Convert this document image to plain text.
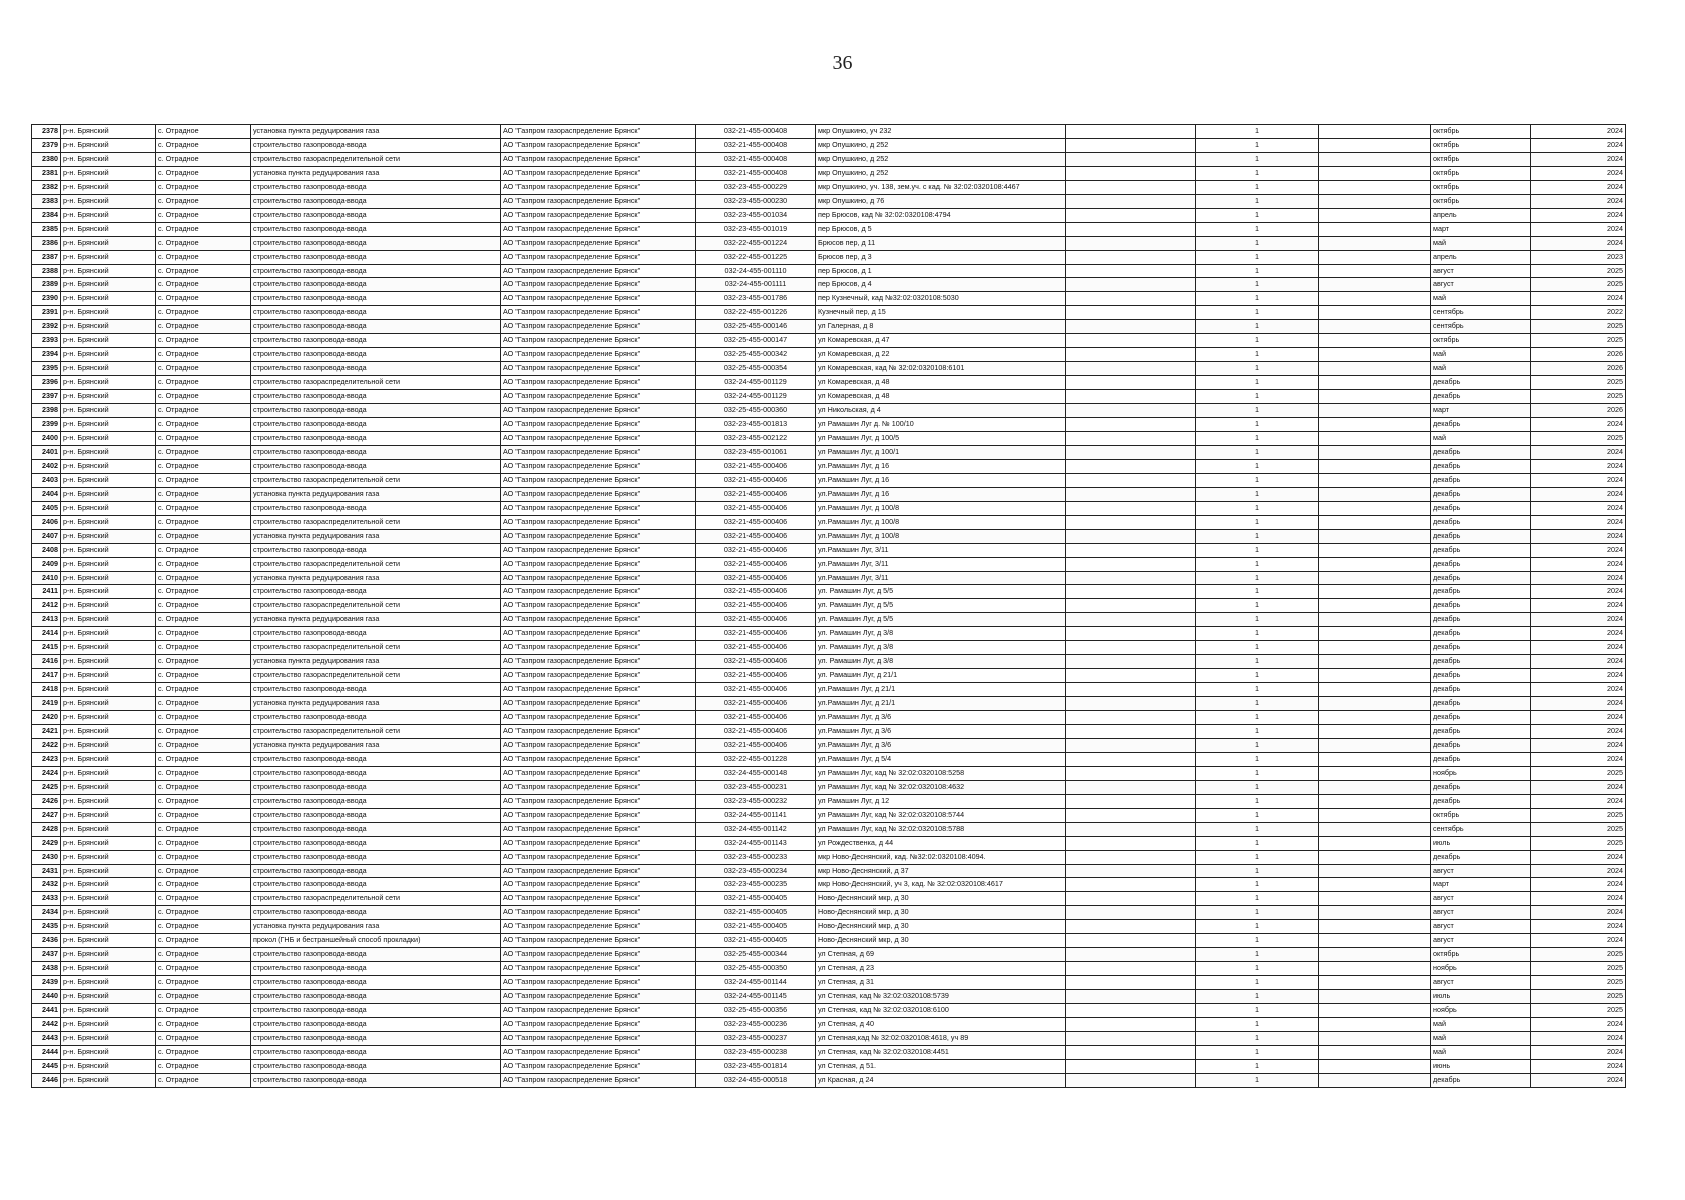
36
2378	р-н. Брянский	с. Отрадное	установка пункта редуцирования газа	АО "Газпром газораспределение Брянск"	032-21-455-000408	мкр Опушкино, уч 232		1		октябрь	2024
2379	р-н. Брянский	с. Отрадное	строительство газопровода-ввода	АО "Газпром газораспределение Брянск"	032-21-455-000408	мкр Опушкино, д 252		1		октябрь	2024
2380	р-н. Брянский	с. Отрадное	строительство газораспределительной сети	АО "Газпром газораспределение Брянск"	032-21-455-000408	мкр Опушкино, д 252		1		октябрь	2024
2381	р-н. Брянский	с. Отрадное	установка пункта редуцирования газа	АО "Газпром газораспределение Брянск"	032-21-455-000408	мкр Опушкино, д 252		1		октябрь	2024
2382	р-н. Брянский	с. Отрадное	строительство газопровода-ввода	АО "Газпром газораспределение Брянск"	032-23-455-000229	мкр Опушкино, уч. 138, зем.уч. с кад. № 32:02:0320108:4467		1		октябрь	2024
2383	р-н. Брянский	с. Отрадное	строительство газопровода-ввода	АО "Газпром газораспределение Брянск"	032-23-455-000230	мкр Опушкино, д 76		1		октябрь	2024
2384	р-н. Брянский	с. Отрадное	строительство газопровода-ввода	АО "Газпром газораспределение Брянск"	032-23-455-001034	пер Брюсов, кад № 32:02:0320108:4794		1		апрель	2024
2385	р-н. Брянский	с. Отрадное	строительство газопровода-ввода	АО "Газпром газораспределение Брянск"	032-23-455-001019	пер Брюсов, д 5		1		март	2024
2386	р-н. Брянский	с. Отрадное	строительство газопровода-ввода	АО "Газпром газораспределение Брянск"	032-22-455-001224	Брюсов пер, д 11		1		май	2024
2387	р-н. Брянский	с. Отрадное	строительство газопровода-ввода	АО "Газпром газораспределение Брянск"	032-22-455-001225	Брюсов пер, д 3		1		апрель	2023
2388	р-н. Брянский	с. Отрадное	строительство газопровода-ввода	АО "Газпром газораспределение Брянск"	032-24-455-001110	пер Брюсов, д 1		1		август	2025
2389	р-н. Брянский	с. Отрадное	строительство газопровода-ввода	АО "Газпром газораспределение Брянск"	032-24-455-001111	пер Брюсов, д 4		1		август	2025
2390	р-н. Брянский	с. Отрадное	строительство газопровода-ввода	АО "Газпром газораспределение Брянск"	032-23-455-001786	пер Кузнечный, кад №32:02:0320108:5030		1		май	2024
2391	р-н. Брянский	с. Отрадное	строительство газопровода-ввода	АО "Газпром газораспределение Брянск"	032-22-455-001226	Кузнечный пер, д 15		1		сентябрь	2022
2392	р-н. Брянский	с. Отрадное	строительство газопровода-ввода	АО "Газпром газораспределение Брянск"	032-25-455-000146	ул Галерная, д 8		1		сентябрь	2025
2393	р-н. Брянский	с. Отрадное	строительство газопровода-ввода	АО "Газпром газораспределение Брянск"	032-25-455-000147	ул Комаревская, д 47		1		октябрь	2025
2394	р-н. Брянский	с. Отрадное	строительство газопровода-ввода	АО "Газпром газораспределение Брянск"	032-25-455-000342	ул Комаревская, д 22		1		май	2026
2395	р-н. Брянский	с. Отрадное	строительство газопровода-ввода	АО "Газпром газораспределение Брянск"	032-25-455-000354	ул Комаревская, кад № 32:02:0320108:6101		1		май	2026
2396	р-н. Брянский	с. Отрадное	строительство газораспределительной сети	АО "Газпром газораспределение Брянск"	032-24-455-001129	ул Комаревская, д 48		1		декабрь	2025
2397	р-н. Брянский	с. Отрадное	строительство газопровода-ввода	АО "Газпром газораспределение Брянск"	032-24-455-001129	ул Комаревская, д 48		1		декабрь	2025
2398	р-н. Брянский	с. Отрадное	строительство газопровода-ввода	АО "Газпром газораспределение Брянск"	032-25-455-000360	ул Никольская, д 4		1		март	2026
2399	р-н. Брянский	с. Отрадное	строительство газопровода-ввода	АО "Газпром газораспределение Брянск"	032-23-455-001813	ул Рамашин Луг д. № 100/10		1		декабрь	2024
2400	р-н. Брянский	с. Отрадное	строительство газопровода-ввода	АО "Газпром газораспределение Брянск"	032-23-455-002122	ул Рамашин Луг, д 100/5		1		май	2025
2401	р-н. Брянский	с. Отрадное	строительство газопровода-ввода	АО "Газпром газораспределение Брянск"	032-23-455-001061	ул Рамашин Луг, д 100/1		1		декабрь	2024
2402	р-н. Брянский	с. Отрадное	строительство газопровода-ввода	АО "Газпром газораспределение Брянск"	032-21-455-000406	ул.Рамашин Луг, д 16		1		декабрь	2024
2403	р-н. Брянский	с. Отрадное	строительство газораспределительной сети	АО "Газпром газораспределение Брянск"	032-21-455-000406	ул.Рамашин Луг, д 16		1		декабрь	2024
2404	р-н. Брянский	с. Отрадное	установка пункта редуцирования газа	АО "Газпром газораспределение Брянск"	032-21-455-000406	ул.Рамашин Луг, д 16		1		декабрь	2024
2405	р-н. Брянский	с. Отрадное	строительство газопровода-ввода	АО "Газпром газораспределение Брянск"	032-21-455-000406	ул.Рамашин Луг, д 100/8		1		декабрь	2024
2406	р-н. Брянский	с. Отрадное	строительство газораспределительной сети	АО "Газпром газораспределение Брянск"	032-21-455-000406	ул.Рамашин Луг, д 100/8		1		декабрь	2024
2407	р-н. Брянский	с. Отрадное	установка пункта редуцирования газа	АО "Газпром газораспределение Брянск"	032-21-455-000406	ул.Рамашин Луг, д 100/8		1		декабрь	2024
2408	р-н. Брянский	с. Отрадное	строительство газопровода-ввода	АО "Газпром газораспределение Брянск"	032-21-455-000406	ул.Рамашин Луг, 3/11		1		декабрь	2024
2409	р-н. Брянский	с. Отрадное	строительство газораспределительной сети	АО "Газпром газораспределение Брянск"	032-21-455-000406	ул.Рамашин Луг, 3/11		1		декабрь	2024
2410	р-н. Брянский	с. Отрадное	установка пункта редуцирования газа	АО "Газпром газораспределение Брянск"	032-21-455-000406	ул.Рамашин Луг, 3/11		1		декабрь	2024
2411	р-н. Брянский	с. Отрадное	строительство газопровода-ввода	АО "Газпром газораспределение Брянск"	032-21-455-000406	ул. Рамашин Луг, д 5/5		1		декабрь	2024
2412	р-н. Брянский	с. Отрадное	строительство газораспределительной сети	АО "Газпром газораспределение Брянск"	032-21-455-000406	ул. Рамашин Луг, д 5/5		1		декабрь	2024
2413	р-н. Брянский	с. Отрадное	установка пункта редуцирования газа	АО "Газпром газораспределение Брянск"	032-21-455-000406	ул. Рамашин Луг, д 5/5		1		декабрь	2024
2414	р-н. Брянский	с. Отрадное	строительство газопровода-ввода	АО "Газпром газораспределение Брянск"	032-21-455-000406	ул. Рамашин Луг, д 3/8		1		декабрь	2024
2415	р-н. Брянский	с. Отрадное	строительство газораспределительной сети	АО "Газпром газораспределение Брянск"	032-21-455-000406	ул. Рамашин Луг, д 3/8		1		декабрь	2024
2416	р-н. Брянский	с. Отрадное	установка пункта редуцирования газа	АО "Газпром газораспределение Брянск"	032-21-455-000406	ул. Рамашин Луг, д 3/8		1		декабрь	2024
2417	р-н. Брянский	с. Отрадное	строительство газораспределительной сети	АО "Газпром газораспределение Брянск"	032-21-455-000406	ул. Рамашин Луг, д 21/1		1		декабрь	2024
2418	р-н. Брянский	с. Отрадное	строительство газопровода-ввода	АО "Газпром газораспределение Брянск"	032-21-455-000406	ул.Рамашин Луг, д 21/1		1		декабрь	2024
2419	р-н. Брянский	с. Отрадное	установка пункта редуцирования газа	АО "Газпром газораспределение Брянск"	032-21-455-000406	ул.Рамашин Луг, д 21/1		1		декабрь	2024
2420	р-н. Брянский	с. Отрадное	строительство газопровода-ввода	АО "Газпром газораспределение Брянск"	032-21-455-000406	ул.Рамашин Луг, д 3/6		1		декабрь	2024
2421	р-н. Брянский	с. Отрадное	строительство газораспределительной сети	АО "Газпром газораспределение Брянск"	032-21-455-000406	ул.Рамашин Луг, д 3/6		1		декабрь	2024
2422	р-н. Брянский	с. Отрадное	установка пункта редуцирования газа	АО "Газпром газораспределение Брянск"	032-21-455-000406	ул.Рамашин Луг, д 3/6		1		декабрь	2024
2423	р-н. Брянский	с. Отрадное	строительство газопровода-ввода	АО "Газпром газораспределение Брянск"	032-22-455-001228	ул.Рамашин Луг, д 5/4		1		декабрь	2024
2424	р-н. Брянский	с. Отрадное	строительство газопровода-ввода	АО "Газпром газораспределение Брянск"	032-24-455-000148	ул Рамашин Луг, кад № 32:02:0320108:5258		1		ноябрь	2025
2425	р-н. Брянский	с. Отрадное	строительство газопровода-ввода	АО "Газпром газораспределение Брянск"	032-23-455-000231	ул Рамашин Луг, кад № 32:02:0320108:4632		1		декабрь	2024
2426	р-н. Брянский	с. Отрадное	строительство газопровода-ввода	АО "Газпром газораспределение Брянск"	032-23-455-000232	ул Рамашин Луг, д 12		1		декабрь	2024
2427	р-н. Брянский	с. Отрадное	строительство газопровода-ввода	АО "Газпром газораспределение Брянск"	032-24-455-001141	ул Рамашин Луг, кад № 32:02:0320108:5744		1		октябрь	2025
2428	р-н. Брянский	с. Отрадное	строительство газопровода-ввода	АО "Газпром газораспределение Брянск"	032-24-455-001142	ул Рамашин Луг, кад № 32:02:0320108:5788		1		сентябрь	2025
2429	р-н. Брянский	с. Отрадное	строительство газопровода-ввода	АО "Газпром газораспределение Брянск"	032-24-455-001143	ул Рождественка, д 44		1		июль	2025
2430	р-н. Брянский	с. Отрадное	строительство газопровода-ввода	АО "Газпром газораспределение Брянск"	032-23-455-000233	мкр Ново-Деснянский, кад. №32:02:0320108:4094.		1		декабрь	2024
2431	р-н. Брянский	с. Отрадное	строительство газопровода-ввода	АО "Газпром газораспределение Брянск"	032-23-455-000234	мкр Ново-Деснянский, д 37		1		август	2024
2432	р-н. Брянский	с. Отрадное	строительство газопровода-ввода	АО "Газпром газораспределение Брянск"	032-23-455-000235	мкр Ново-Деснянский, уч 3, кад. № 32:02:0320108:4617		1		март	2024
2433	р-н. Брянский	с. Отрадное	строительство газораспределительной сети	АО "Газпром газораспределение Брянск"	032-21-455-000405	Ново-Деснянский мкр, д 30		1		август	2024
2434	р-н. Брянский	с. Отрадное	строительство газопровода-ввода	АО "Газпром газораспределение Брянск"	032-21-455-000405	Ново-Деснянский мкр, д 30		1		август	2024
2435	р-н. Брянский	с. Отрадное	установка пункта редуцирования газа	АО "Газпром газораспределение Брянск"	032-21-455-000405	Ново-Деснянский мкр, д 30		1		август	2024
2436	р-н. Брянский	с. Отрадное	прокол (ГНБ и бестраншейный способ прокладки)	АО "Газпром газораспределение Брянск"	032-21-455-000405	Ново-Деснянский мкр, д 30		1		август	2024
2437	р-н. Брянский	с. Отрадное	строительство газопровода-ввода	АО "Газпром газораспределение Брянск"	032-25-455-000344	ул Степная, д 69		1		октябрь	2025
2438	р-н. Брянский	с. Отрадное	строительство газопровода-ввода	АО "Газпром газораспределение Брянск"	032-25-455-000350	ул Степная, д 23		1		ноябрь	2025
2439	р-н. Брянский	с. Отрадное	строительство газопровода-ввода	АО "Газпром газораспределение Брянск"	032-24-455-001144	ул Степная, д 31		1		август	2025
2440	р-н. Брянский	с. Отрадное	строительство газопровода-ввода	АО "Газпром газораспределение Брянск"	032-24-455-001145	ул Степная, кад № 32:02:0320108:5739		1		июль	2025
2441	р-н. Брянский	с. Отрадное	строительство газопровода-ввода	АО "Газпром газораспределение Брянск"	032-25-455-000356	ул Степная, кад № 32:02:0320108:6100		1		ноябрь	2025
2442	р-н. Брянский	с. Отрадное	строительство газопровода-ввода	АО "Газпром газораспределение Брянск"	032-23-455-000236	ул Степная, д 40		1		май	2024
2443	р-н. Брянский	с. Отрадное	строительство газопровода-ввода	АО "Газпром газораспределение Брянск"	032-23-455-000237	ул Степная,кад № 32:02:0320108:4618, уч 89		1		май	2024
2444	р-н. Брянский	с. Отрадное	строительство газопровода-ввода	АО "Газпром газораспределение Брянск"	032-23-455-000238	ул Степная, кад № 32:02:0320108:4451		1		май	2024
2445	р-н. Брянский	с. Отрадное	строительство газопровода-ввода	АО "Газпром газораспределение Брянск"	032-23-455-001814	ул Степная, д 51.		1		июнь	2024
2446	р-н. Брянский	с. Отрадное	строительство газопровода-ввода	АО "Газпром газораспределение Брянск"	032-24-455-000518	ул Красная, д 24		1		декабрь	2024
